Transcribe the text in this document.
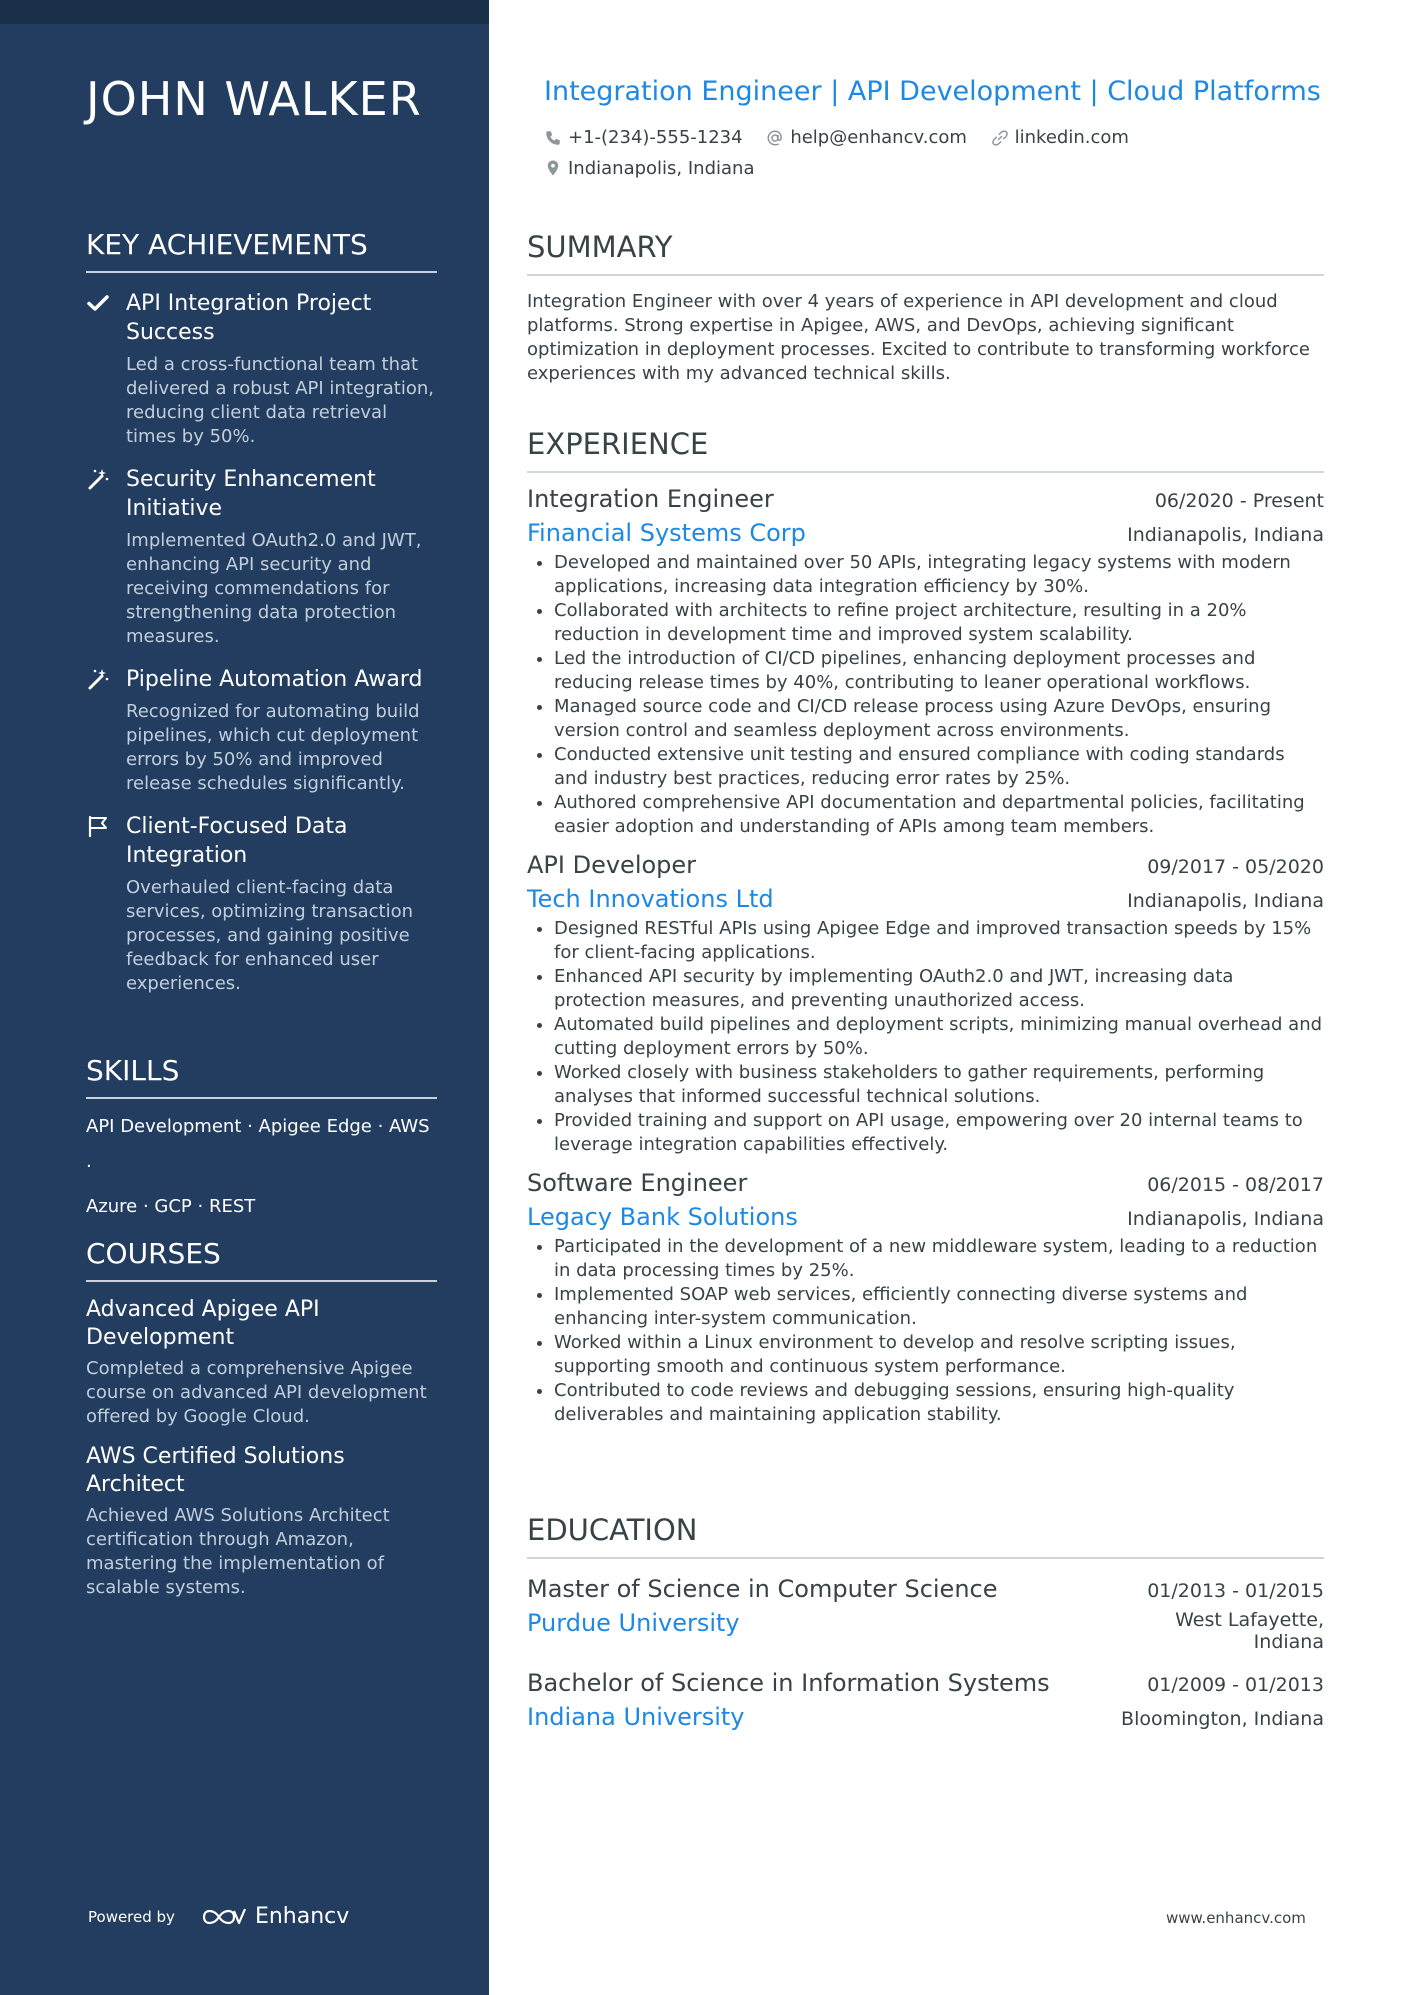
JOHN WALKER
KEY ACHIEVEMENTS
API Integration Project Success
Led a cross-functional team that delivered a robust API integration, reducing client data retrieval times by 50%.
Security Enhancement Initiative
Implemented OAuth2.0 and JWT, enhancing API security and receiving commendations for strengthening data protection measures.
Pipeline Automation Award
Recognized for automating build pipelines, which cut deployment errors by 50% and improved release schedules significantly.
Client-Focused Data Integration
Overhauled client-facing data services, optimizing transaction processes, and gaining positive feedback for enhanced user experiences.
SKILLS
API Development · Apigee Edge · AWS ·
Azure · GCP · REST
COURSES
Advanced Apigee API Development
Completed a comprehensive Apigee course on advanced API development offered by Google Cloud.
AWS Certified Solutions Architect
Achieved AWS Solutions Architect certification through Amazon, mastering the implementation of scalable systems.
Powered by	Enhancv
Integration Engineer | API Development | Cloud Platforms
+1-(234)-555-1234
	help@enhancv.com
	linkedin.com
Indianapolis, Indiana
SUMMARY
Integration Engineer with over 4 years of experience in API development and cloud platforms. Strong expertise in Apigee, AWS, and DevOps, achieving significant optimization in deployment processes. Excited to contribute to transforming workforce experiences with my advanced technical skills.
EXPERIENCE
Integration Engineer	06/2020 - Present
Financial Systems Corp	Indianapolis, Indiana
• Developed and maintained over 50 APIs, integrating legacy systems with modern applications, increasing data integration efficiency by 30%.
• Collaborated with architects to refine project architecture, resulting in a 20% reduction in development time and improved system scalability.
• Led the introduction of CI/CD pipelines, enhancing deployment processes and reducing release times by 40%, contributing to leaner operational workflows.
• Managed source code and CI/CD release process using Azure DevOps, ensuring version control and seamless deployment across environments.
• Conducted extensive unit testing and ensured compliance with coding standards and industry best practices, reducing error rates by 25%.
• Authored comprehensive API documentation and departmental policies, facilitating easier adoption and understanding of APIs among team members.
API Developer	09/2017 - 05/2020
Tech Innovations Ltd	Indianapolis, Indiana
• Designed RESTful APIs using Apigee Edge and improved transaction speeds by 15% for client-facing applications.
• Enhanced API security by implementing OAuth2.0 and JWT, increasing data protection measures, and preventing unauthorized access.
• Automated build pipelines and deployment scripts, minimizing manual overhead and cutting deployment errors by 50%.
• Worked closely with business stakeholders to gather requirements, performing analyses that informed successful technical solutions.
• Provided training and support on API usage, empowering over 20 internal teams to leverage integration capabilities effectively.
Software Engineer	06/2015 - 08/2017
Legacy Bank Solutions	Indianapolis, Indiana
• Participated in the development of a new middleware system, leading to a reduction in data processing times by 25%.
• Implemented SOAP web services, efficiently connecting diverse systems and enhancing inter-system communication.
• Worked within a Linux environment to develop and resolve scripting issues, supporting smooth and continuous system performance.
• Contributed to code reviews and debugging sessions, ensuring high-quality deliverables and maintaining application stability.
EDUCATION
Master of Science in Computer Science	01/2013 - 01/2015
Purdue University	West Lafayette,
Indiana
Bachelor of Science in Information Systems	01/2009 - 01/2013
Indiana University	Bloomington, Indiana
www.enhancv.com
